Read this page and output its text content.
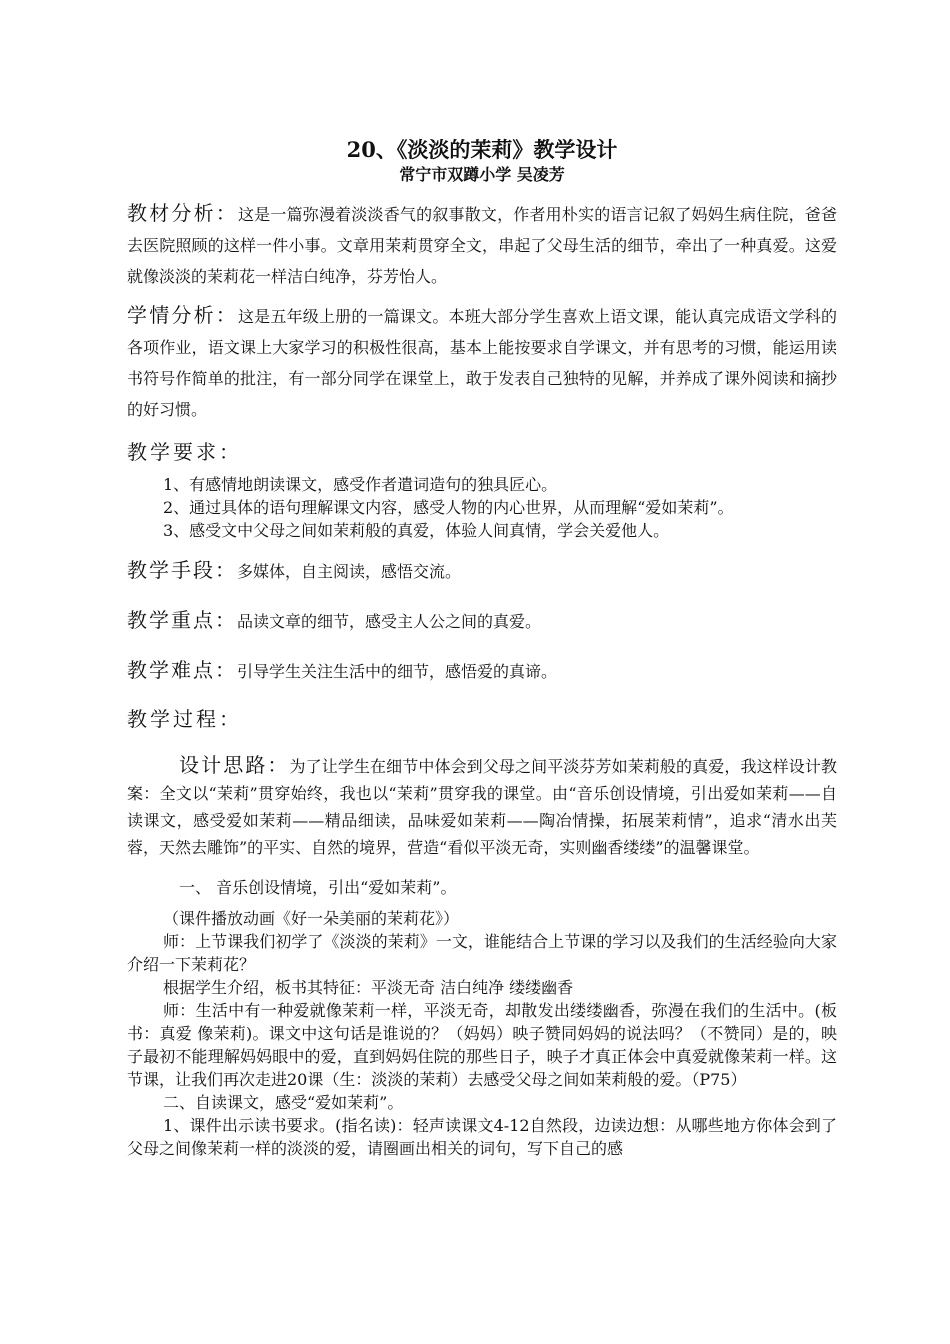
20、《淡淡的茉莉》教学设计
常宁市双蹲小学 吴凌芳

教材分析：这是一篇弥漫着淡淡香气的叙事散文，作者用朴实的语言记叙了妈妈生病住院，爸爸去医院照顾的这样一件小事。文章用茉莉贯穿全文，串起了父母生活的细节，牵出了一种真爱。这爱就像淡淡的茉莉花一样洁白纯净，芬芳怡人。

学情分析：这是五年级上册的一篇课文。本班大部分学生喜欢上语文课，能认真完成语文学科的各项作业，语文课上大家学习的积极性很高，基本上能按要求自学课文，并有思考的习惯，能运用读书符号作简单的批注，有一部分同学在课堂上，敢于发表自己独特的见解，并养成了课外阅读和摘抄的好习惯。

教学要求：

1、有感情地朗读课文，感受作者遣词造句的独具匠心。

2、通过具体的语句理解课文内容，感受人物的内心世界，从而理解“爱如茉莉”。

3、感受文中父母之间如茉莉般的真爱，体验人间真情，学会关爱他人。

教学手段：多媒体，自主阅读，感悟交流。

教学重点：品读文章的细节，感受主人公之间的真爱。

教学难点：引导学生关注生活中的细节，感悟爱的真谛。

教学过程：

设计思路：为了让学生在细节中体会到父母之间平淡芬芳如茉莉般的真爱，我这样设计教案：全文以“茉莉”贯穿始终，我也以“茉莉”贯穿我的课堂。由“音乐创设情境，引出爱如茉莉——自读课文，感受爱如茉莉——精品细读，品味爱如茉莉——陶冶情操，拓展茉莉情”，追求“清水出芙蓉，天然去雕饰”的平实、自然的境界，营造“看似平淡无奇，实则幽香缕缕”的温馨课堂。

一、 音乐创设情境，引出“爱如茉莉”。

（课件播放动画《好一朵美丽的茉莉花》）

师：上节课我们初学了《淡淡的茉莉》一文，谁能结合上节课的学习以及我们的生活经验向大家介绍一下茉莉花？

根据学生介绍，板书其特征：平淡无奇 洁白纯净 缕缕幽香

师：生活中有一种爱就像茉莉一样，平淡无奇，却散发出缕缕幽香，弥漫在我们的生活中。(板书：真爱 像茉莉)。课文中这句话是谁说的？（妈妈）映子赞同妈妈的说法吗？（不赞同）是的，映子最初不能理解妈妈眼中的爱，直到妈妈住院的那些日子，映子才真正体会中真爱就像茉莉一样。这节课，让我们再次走进20课（生：淡淡的茉莉）去感受父母之间如茉莉般的爱。（P75）

二、自读课文，感受“爱如茉莉”。

1、课件出示读书要求。(指名读)：轻声读课文4-12自然段，边读边想：从哪些地方你体会到了父母之间像茉莉一样的淡淡的爱，请圈画出相关的词句，写下自己的感
